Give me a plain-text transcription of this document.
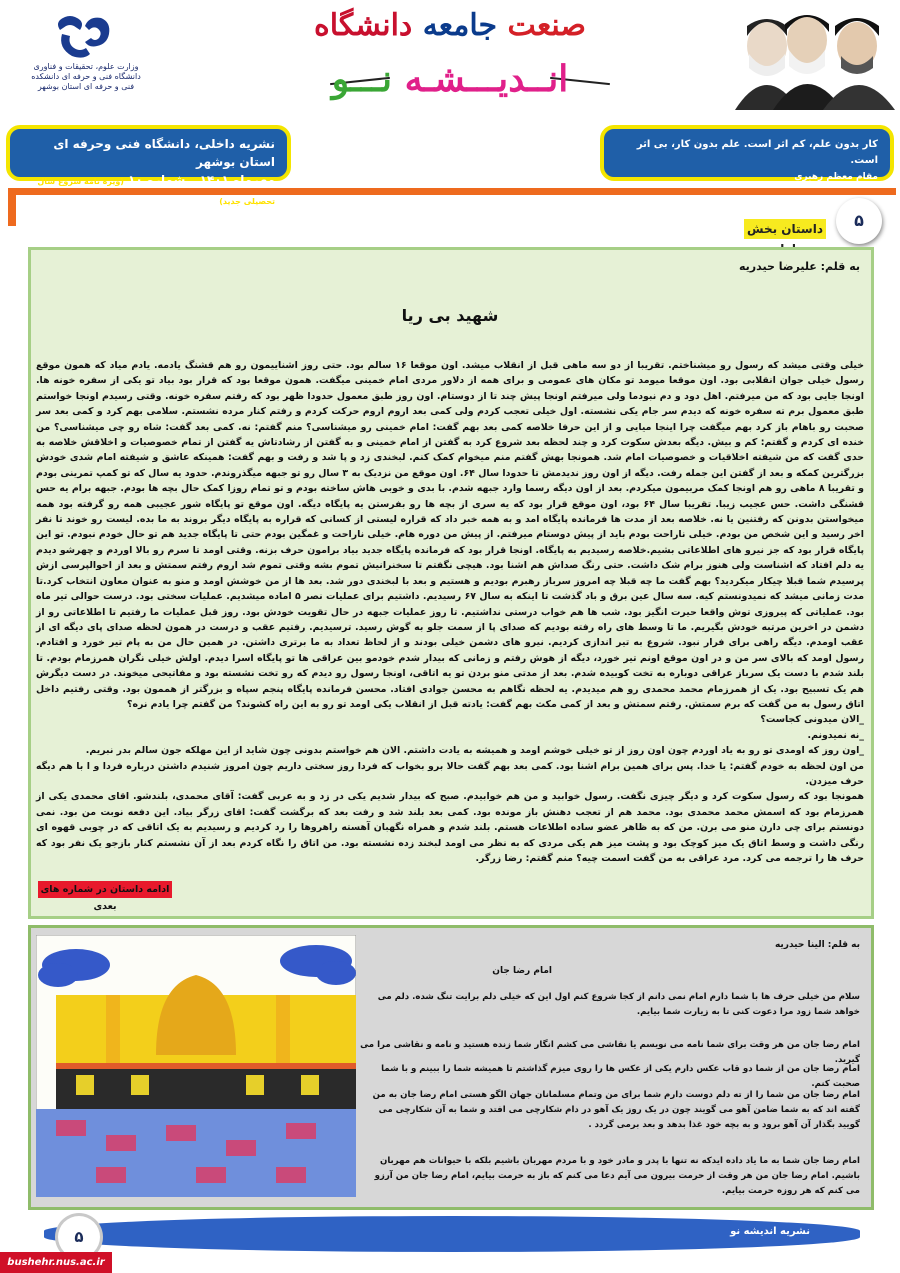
وزارت علوم، تحقیقات و فناوری دانشگاه فنی و حرفه ای دانشکده فنی و حرفه ای استان بوشهر
صنعت جامعه دانشگاه
انــدیـــشـه نـــو
نشریه داخلی، دانشگاه فنی وحرفه ای استان بوشهر
مهرماه ۱۴۰۱ _ شماره ۱۰ (ویژه نامه شروع سال تحصیلی جدید)
کار بدون علم، کم اثر است. علم بدون کار، بی اثر است.
مقام معظم رهبری
۵
داستان بخش
به قلم: علیرضا حیدریه
شهید بی ریا
خیلی وقتی میشد که رسول رو میشناختم. تقریبا از دو سه ماهی قبل از انقلاب میشد. اون موقعا ۱۶ سالم بود. حتی روز اشناییمون رو هم قشنگ یادمه. یادم میاد که همون موقع رسول خیلی جوان انقلابی بود. اون موقعا میومد تو مکان های عمومی و برای همه از دلاور مردی امام خمینی میگفت. همون موقعا بود که قرار بود بیاد تو یکی از سفره خونه ها. اونجا جایی بود که من میرفتم. اهل دود و دم نبودما ولی میرفتم اونجا پیش چند تا از دوستام. اون روز طبق معمول حدودا ظهر بود که رفتم سفره خونه. وقتی رسیدم اونجا خواستم طبق معمول برم ته سفره خونه که دیدم سر جام یکی نشسته. اول خیلی تعجب کردم ولی کمی بعد اروم اروم حرکت کردم و رفتم کنار مرده نشستم. سلامی بهم کرد و کمی بعد سر صحبت رو باهام باز کرد بهم میگفت چرا اینجا میایی و از این حرفا خلاصه کمی بعد بهم گفت: امام خمینی رو میشناسی؟ منم گفتم: نه. کمی بعد گفت: شاه رو چی میشناسی؟ من خنده ای کردم و گفتم: کم و بیش. دیگه بعدش سکوت کرد و چند لحظه بعد شروع کرد به گفتن از امام خمینی و به گفتن از رشادتاش یه گفتن از تمام خصوصیات و اخلاقش خلاصه به حدی گفت که من شیفته اخلاقیات و خصوصیات امام شد. همونجا بهش گفتم منم میخوام کمک کنم. لبخندی زد و پا شد و رفت و بهم گفت: همینکه عاشق و شیفته امام شدی خودش بزرگترین کمکه و بعد از گفتن این جمله رفت. دیگه از اون روز ندیدمش تا حدودا سال ۶۴. اون موقع من نزدیک به ۳ سال رو تو جبهه میگذروندم. حدود یه سال که تو کمپ تمرینی بودم و تقریبا ۸ ماهی رو هم اونجا کمک مربیمون میکردم. بعد از اون دیگه رسما وارد جبهه شدم. با بدی و خوبی هاش ساخته بودم و تو تمام روزا کمک حال بچه ها بودم. جبهه برام یه حس قشنگی داشت. حس عجیب زیبا. تقریبا سال ۶۴ بود، اون موقع قرار بود که یه سری از بچه ها رو بفرستن یه پایگاه دیگه. اون موقع تو پایگاه شور عجیبی همه رو گرفته بود همه میخواستن بدونن که رفتنین یا نه. خلاصه بعد از مدت ها فرمانده پایگاه امد و به همه خبر داد که قراره لیستی از کسانی که قراره به پایگاه دیگر بروند به ما بده. لیست رو خوند تا نفر اخر رسید و این شخص من بودم. خیلی ناراحت بودم باید از پیش دوستام میرفتم. از پیش من دوره هام. خیلی ناراحت و غمگین بودم حتی تا پایگاه جدید هم تو حال خودم نبودم. تو این پایگاه قرار بود که جز نیرو های اطلاعاتی بشیم.خلاصه رسیدیم به پایگاه. اونجا قرار بود که فرمانده پایگاه جدید بیاد برامون حرف بزنه. وقتی اومد تا سرم رو بالا اوردم و چهرشو دیدم یه دلم افتاد که اشناست ولی هنوز برام شک داشت. حتی رنگ صداش هم اشنا بود. هیچی نگفتم تا سخنرانیش تموم بشه وقتی تموم شد اروم رفتم سمتش و بعد از احوالپرسی ازش پرسیدم شما قبلا چیکار میکردید؟ بهم گفت ما چه قبلا چه امروز سرباز رهبرم بودیم و هستیم و بعد با لبخندی دور شد. بعد ها از من خوشش اومد و منو به عنوان معاون انتخاب کرد.تا مدت زمانی میشد که نمیدونستم کیه. سه سال عین برق و باد گذشت تا اینکه به سال ۶۷ رسیدیم. داشتیم برای عملیات نصر ۵ اماده میشدیم. عملیات سختی بود. درست حوالی تیر ماه بود. عملیاتی که پیروزی توش واقعا حیرت انگیز بود. شب ها هم خواب درستی نداشتیم. تا روز عملیات جبهه در حال تقویت خودش بود. روز قبل عملیات ما رفتیم تا اطلاعاتی رو از دشمن در اخرین مرتبه خودش بگیریم. ما تا وسط های راه رفته بودیم که صدای پا از سمت جلو به گوش رسید. ترسیدیم. رفتیم عقب و درست در همون لحظه صدای پای دیگه ای از عقب اومدم. دیگه راهی برای فرار نبود. شروع به تیر اندازی کردیم. نیرو های دشمن خیلی بودند و از لحاظ تعداد به ما برتری داشتن. در همین حال من به پام تیر خورد و افتادم. رسول اومد که بالای سر من و در اون موقع اونم تیر خورد، دیگه از هوش رفتم و زمانی که بیدار شدم خودمو بین عراقی ها تو پایگاه اسرا دیدم. اولش خیلی نگران همرزمام بودم. تا بلند شدم با دست یک سرباز عراقی دوباره به تخت کوبیده شدم. بعد از مدتی منو بردن تو یه اتاقی، اونجا رسول رو دیدم که رو تخت نشسته بود و مفاتیحی میخوند. در دست دیگرش هم یک تسبیح بود. یک از همرزمام محمد محمدی رو هم میدیدم. یه لحظه نگاهم به محسن جوادی افتاد. محسن فرمانده پایگاه پنجم سپاه و بزرگتر از هممون بود. وقتی رفتیم داخل اتاق رسول به من گفت که برم سمتش. رفتم سمتش و بعد از کمی مکث بهم گفت: یادته قبل از انقلاب یکی اومد تو رو به این راه کشوند؟ من گفتم چرا یادم نره؟
_الان میدونی کجاست؟
_نه نمیدونم.
_اون روز که اومدی تو رو به یاد اوردم چون اون روز از تو خیلی خوشم اومد و همیشه به یادت داشتم. الان هم خواستم بدونی چون شاید از این مهلکه جون سالم بدر نبریم.
من اون لحظه به خودم گفتم: یا خدا. پس برای همین برام اشنا بود. کمی بعد بهم گفت حالا برو بخواب که فردا روز سختی داریم چون امروز شنیدم داشتن درباره فردا و ا با هم دیگه حرف میزدن.
همونجا بود که رسول سکوت کرد و دیگر چیزی نگفت. رسول خوابید و من هم خوابیدم. صبح که بیدار شدیم یکی در زد و به عربی گفت: آقای محمدی، بلندشو. اقای محمدی یکی از همرزمام بود که اسمش محمد محمدی بود. محمد هم از تعجب دهنش باز مونده بود. کمی بعد بلند شد و رفت بعد که برگشت گفت: اقای زرگر بیاد. این دفعه نوبت من بود. نمی دونستم برای چی دارن منو می برن. من که به ظاهر عضو ساده اطلاعات هستم. بلند شدم و همراه نگهبان آهسته راهروها را رد کردیم و رسیدیم به یک اتاقی که در چوبی قهوه ای رنگی داشت و وسط اتاق یک میز کوچک بود و پشت میز هم یکی مردی که به نظر می اومد لبخند زده نشسته بود. من اتاق را نگاه کردم بعد از آن نشستم کنار بازجو یک نفر بود که حرف ها را ترجمه می کرد. مرد عراقی به من گفت اسمت چیه؟ منم گفتم: رضا زرگر.
ادامه داستان در شماره های بعدی
به قلم: الینا حیدریه
امام رضا جان
سلام من خیلی حرف ها با شما دارم امام نمی دانم از کجا شروع کنم اول این که خیلی دلم برایت تنگ شده. دلم می خواهد شما زود مرا دعوت کنی تا به زیارت شما بیایم.
امام رضا جان من هر وقت برای شما نامه می نویسم یا نقاشی می کشم انگار شما زنده هستید و نامه و نقاشی مرا می گیرید.
امام رضا جان من از شما دو قاب عکس دارم یکی از عکس ها را روی میزم گذاشتم تا همیشه شما را ببینم و با شما صحبت کنم.
امام رضا جان من شما را از ته دلم دوست دارم شما برای من وتمام مسلمانان جهان الگو هستی امام رضا جان به من گفته اند که به شما ضامن آهو می گویند چون در یک روز یک آهو در دام شکارچی می افتد و شما به آن شکارچی می گویید بگذار آن آهو برود و به بچه خود غذا بدهد و بعد برمی گردد .
امام رضا جان شما به ما یاد داده ایدکه نه تنها با پدر و مادر خود و با مردم مهربان باشیم بلکه با حیوانات هم مهربان باشیم. امام رضا جان من هر وقت از حرمت بیرون می آیم دعا می کنم که باز به حرمت بیایم، امام رضا جان من آرزو می کنم که هر روزه حرمت بیایم.
۵	نشریه اندیشه نو
bushehr.nus.ac.ir
